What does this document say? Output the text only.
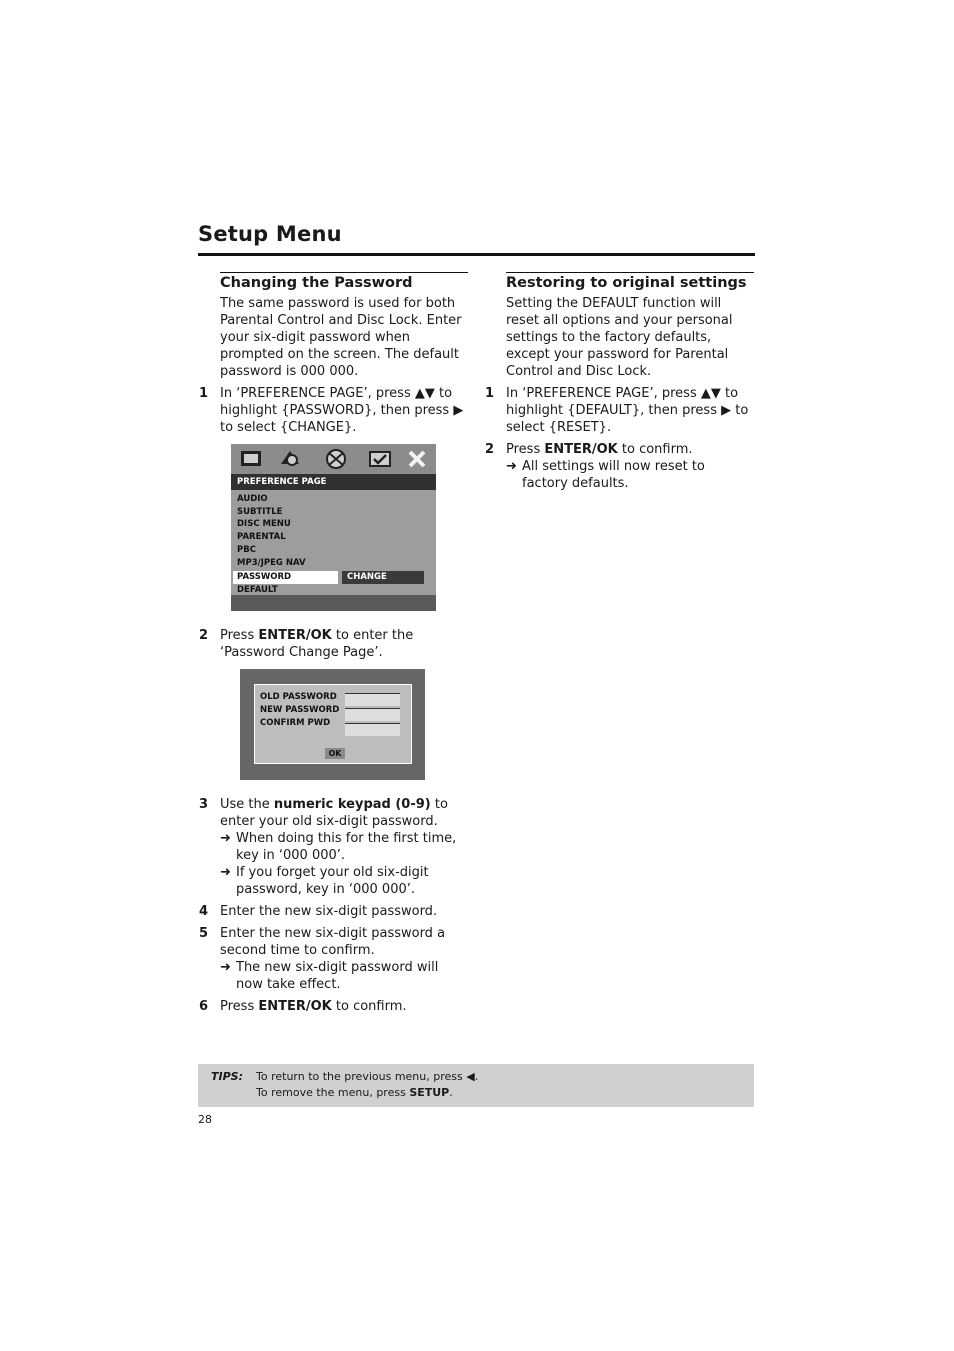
Setup Menu
Changing the Password

The same password is used for both Parental Control and Disc Lock. Enter your six-digit password when prompted on the screen. The default password is 000 000.

1 In ‘PREFERENCE PAGE’, press ▲▼ to highlight {PASSWORD}, then press ▶ to select {CHANGE}.
2 Press ENTER/OK to enter the ‘Password Change Page’.
3 Use the numeric keypad (0-9) to enter your old six-digit password.
➜ When doing this for the first time, key in ‘000 000’.
➜ If you forget your old six-digit password, key in ‘000 000’.
4 Enter the new six-digit password.
5 Enter the new six-digit password a second time to confirm.
➜ The new six-digit password will now take effect.
6 Press ENTER/OK to confirm.
Restoring to original settings

Setting the DEFAULT function will reset all options and your personal settings to the factory defaults, except your password for Parental Control and Disc Lock.

1 In ‘PREFERENCE PAGE’, press ▲▼ to highlight {DEFAULT}, then press ▶ to select {RESET}.
2 Press ENTER/OK to confirm.
➜ All settings will now reset to factory defaults.
PREFERENCE PAGE
AUDIO
SUBTITLE
DISC MENU
PARENTAL
PBC
MP3/JPEG NAV
PASSWORD
DEFAULT
CHANGE
OLD PASSWORD
NEW PASSWORD
CONFIRM PWD
OK
TIPS: To return to the previous menu, press ◀.
To remove the menu, press SETUP.
28
